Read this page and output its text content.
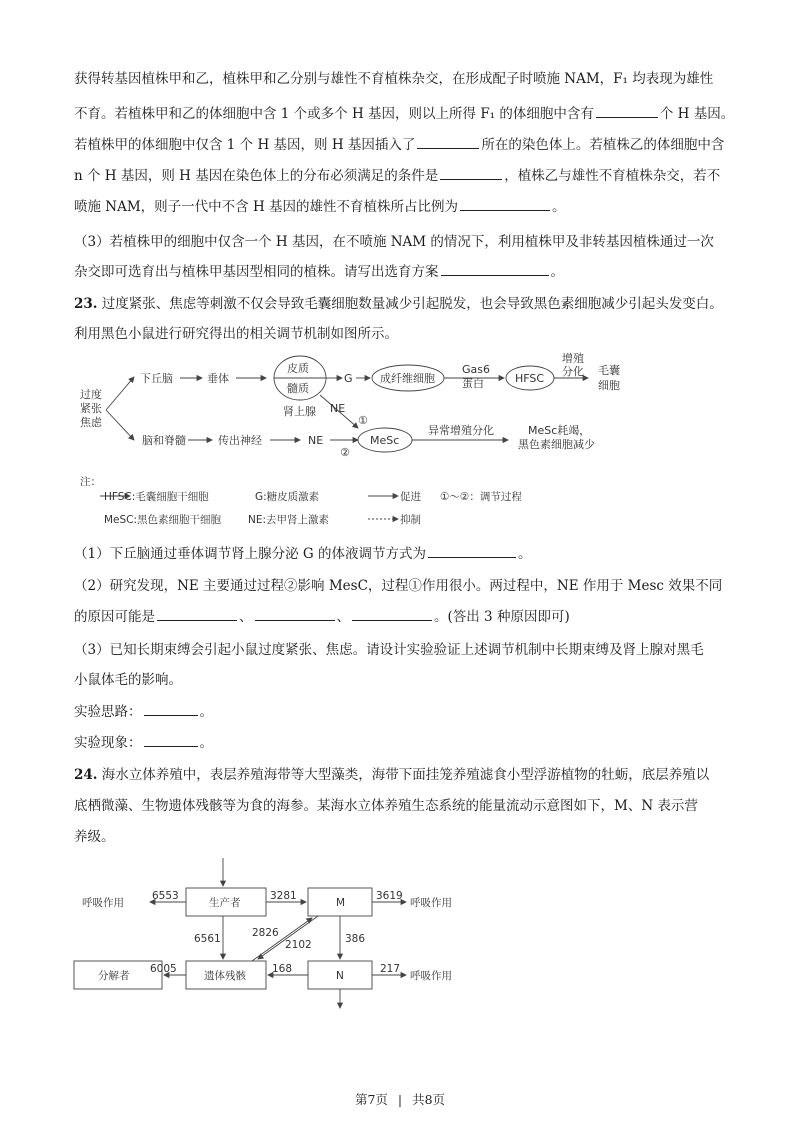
获得转基因植株甲和乙，植株甲和乙分别与雄性不育植株杂交，在形成配子时喷施 NAM，F₁ 均表现为雄性
不育。若植株甲和乙的体细胞中含 1 个或多个 H 基因，则以上所得 F₁ 的体细胞中含有	个 H 基因。
若植株甲的体细胞中仅含 1 个 H 基因，则 H 基因插入了	所在的染色体上。若植株乙的体细胞中含
n 个 H 基因，则 H 基因在染色体上的分布必须满足的条件是	，植株乙与雄性不育植株杂交，若不
喷施 NAM，则子一代中不含 H 基因的雄性不育植株所占比例为	。
（3）若植株甲的细胞中仅含一个 H 基因，在不喷施 NAM 的情况下，利用植株甲及非转基因植株通过一次
杂交即可选育出与植株甲基因型相同的植株。请写出选育方案	。
23. 过度紧张、焦虑等刺激不仅会导致毛囊细胞数量减少引起脱发，也会导致黑色素细胞减少引起头发变白。
利用黑色小鼠进行研究得出的相关调节机制如图所示。
过度
紧张
焦虑
下丘脑	垂体
皮质
髓质
肾上腺
G 成纤维细胞
Gas6
蛋白	HFSC
增殖
分化 毛囊
细胞
脑和脊髓	传出神经
NE
NE
①
②
MeSc
异常增殖分化	MeSc耗竭，
黑色素细胞减少
注：
HFSC:毛囊细胞干细胞	G:糖皮质激素	促进 ①～②：调节过程
MeSC:黑色素细胞干细胞	NE:去甲肾上激素	抑制
（1）下丘脑通过垂体调节肾上腺分泌 G 的体液调节方式为	。
（2）研究发现，NE 主要通过过程②影响 MesC，过程①作用很小。两过程中，NE 作用于 Mesc 效果不同
的原因可能是	、	、	。(答出 3 种原因即可)
（3）已知长期束缚会引起小鼠过度紧张、焦虑。请设计实验验证上述调节机制中长期束缚及肾上腺对黑毛
小鼠体毛的影响。
实验思路：	。
实验现象：	。
24. 海水立体养殖中，表层养殖海带等大型藻类，海带下面挂笼养殖滤食小型浮游植物的牡蛎，底层养殖以
底栖微藻、生物遗体残骸等为食的海参。某海水立体养殖生态系统的能量流动示意图如下，M、N 表示营
养级。
呼吸作用
6553
生产者
3281
M
3619
呼吸作用
6561	2826
2102	386
分解者
6005
遗体残骸
168
N
217
呼吸作用
第7页 | 共8页
